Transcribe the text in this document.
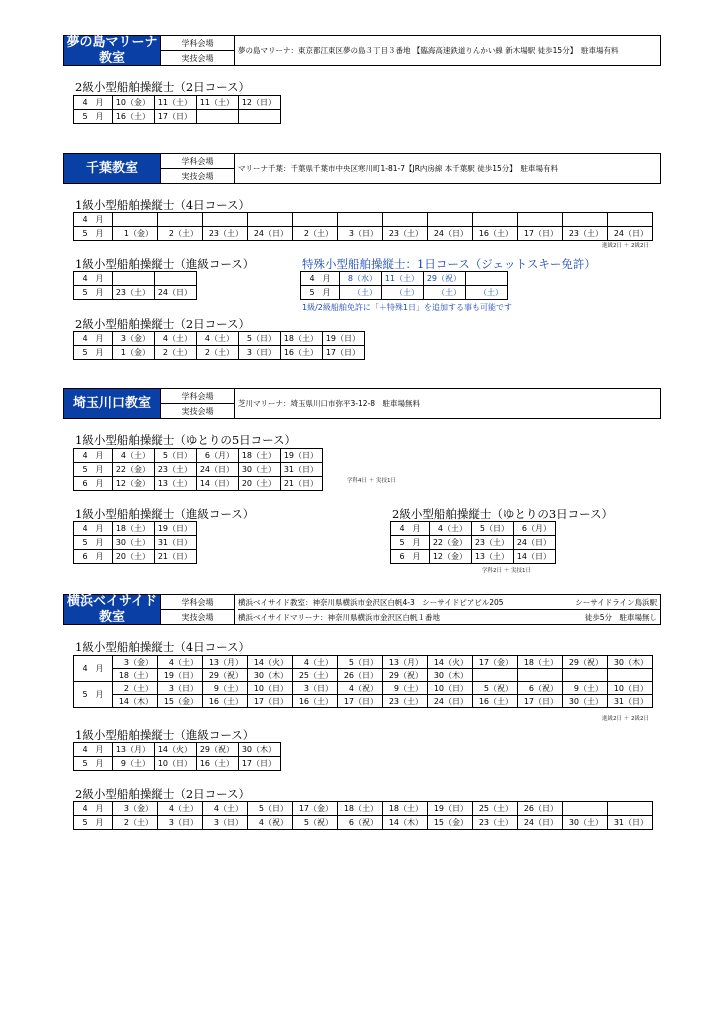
夢の島マリーナ教室
学科会場
実技会場
夢の島マリーナ：東京都江東区夢の島３丁目３番地 【臨海高速鉄道りんかい線 新木場駅 徒歩15分】　駐車場有料
2級小型船舶操縦士（2日コース）
4　月	10（金）	11（土）	11（土）	12（日）
5　月	16（土）	17（日）		
千葉教室	学科会場
実技会場
マリーナ千葉：千葉県千葉市中央区寒川町1-81-7【JR内房線 本千葉駅 徒歩15分】　駐車場有料
1級小型船舶操縦士（4日コース）
4　月												
5　月	1（金）	2（土）	23（土）	24（日）	2（土）	3（日）	23（土）	24（日）	16（土）	17（日）	23（土）	24（日）
進級2日 ＋ 2級2日
1級小型船舶操縦士（進級コース）
4　月		
5　月	23（土）	24（日）
特殊小型船舶操縦士：1日コース（ジェットスキー免許）
4　月	8（水）	11（土）	29（祝）	
5　月	（土）	（土）	（土）	（土）
1級/2級船舶免許に「＋特殊1日」を追加する事も可能です
2級小型船舶操縦士（2日コース）
4　月	3（金）	4（土）	4（土）	5（日）	18（土）	19（日）
5　月	1（金）	2（土）	2（土）	3（日）	16（土）	17（日）
埼玉川口教室	学科会場
実技会場
芝川マリーナ：埼玉県川口市弥平3-12-8　駐車場無料
1級小型船舶操縦士（ゆとりの5日コース）
4　月	4（土）	5（日）	6（月）	18（土）	19（日）
5　月	22（金）	23（土）	24（日）	30（土）	31（日）
6　月	12（金）	13（土）	14（日）	20（土）	21（日）	学科4日 ＋ 実技1日
1級小型船舶操縦士（進級コース）
4　月	18（土）	19（日）
5　月	30（土）	31（日）
6　月	20（土）	21（日）
2級小型船舶操縦士（ゆとりの3日コース）
4　月	4（土）	5（日）	6（月）
5　月	22（金）	23（土）	24（日）
6　月	12（金）	13（土）	14（日）
学科2日 ＋ 実技1日
横浜ベイサイド教室
学科会場
実技会場
横浜ベイサイド教室：神奈川県横浜市金沢区白帆4-3　シーサイドピアビル205	シーサイドライン鳥浜駅
横浜ベイサイドマリーナ：神奈川県横浜市金沢区白帆１番地	徒歩5分　駐車場無し
1級小型船舶操縦士（4日コース）
4　月	3（金）	4（土）	13（月）	14（火）	4（土）	5（日）	13（月）	14（火）	17（金）	18（土）	29（祝）	30（木）
	18（土）	19（日）	29（祝）	30（木）	25（土）	26（日）	29（祝）	30（木）				
5　月	2（土）	3（日）	9（土）	10（日）	3（日）	4（祝）	9（土）	10（日）	5（祝）	6（祝）	9（土）	10（日）
	14（木）	15（金）	16（土）	17（日）	16（土）	17（日）	23（土）	24（日）	16（土）	17（日）	30（土）	31（日）
進級2日 ＋ 2級2日
1級小型船舶操縦士（進級コース）
4　月	13（月）	14（火）	29（祝）	30（木）
5　月	9（土）	10（日）	16（土）	17（日）
2級小型船舶操縦士（2日コース）
4　月	3（金）	4（土）	4（土）	5（日）	17（金）	18（土）	18（土）	19（日）	25（土）	26（日）		
5　月	2（土）	3（日）	3（日）	4（祝）	5（祝）	6（祝）	14（木）	15（金）	23（土）	24（日）	30（土）	31（日）
